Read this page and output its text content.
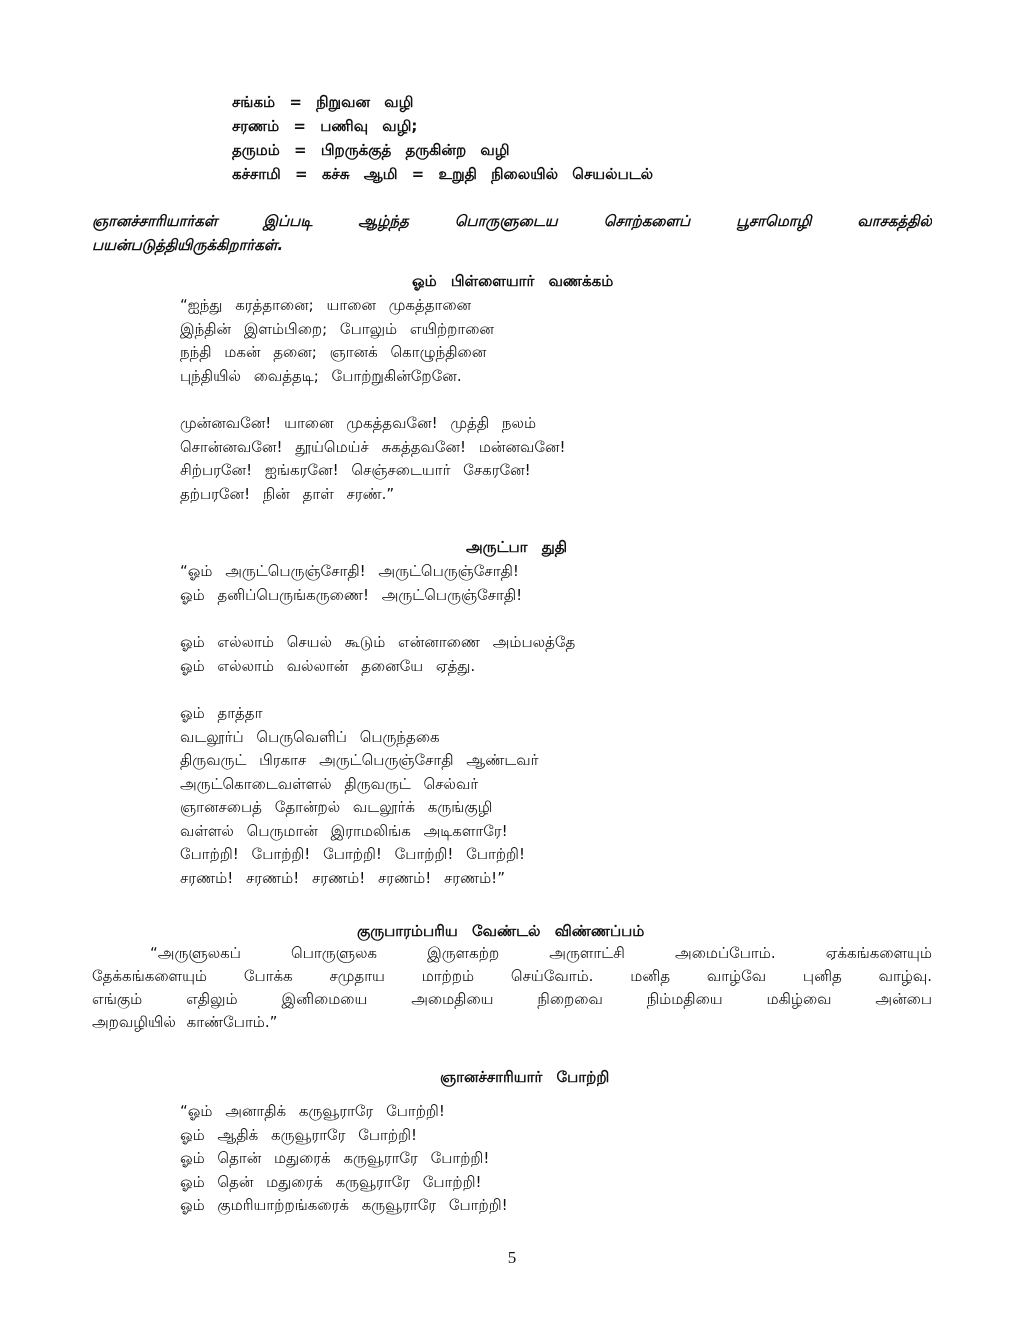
சங்கம் = நிறுவன வழி
சரணம் = பணிவு வழி;
தருமம் = பிறருக்குத் தருகின்ற வழி
கச்சாமி = கச்சு ஆமி = உறுதி நிலையில் செயல்படல்
ஞானச்சாரியார்கள் இப்படி ஆழ்ந்த பொருளுடைய சொற்களைப் பூசாமொழி வாசகத்தில்
பயன்படுத்தியிருக்கிறார்கள்.
ஓம் பிள்ளையார் வணக்கம்
“ஐந்து கரத்தானை; யானை முகத்தானை
இந்தின் இளம்பிறை; போலும் எயிற்றானை
நந்தி மகன் தனை; ஞானக் கொழுந்தினை
புந்தியில் வைத்தடி; போற்றுகின்றேனே.
முன்னவனே! யானை முகத்தவனே! முத்தி நலம்
சொன்னவனே! தூய்மெய்ச் சுகத்தவனே! மன்னவனே!
சிற்பரனே! ஐங்கரனே! செஞ்சடையார் சேகரனே!
தற்பரனே! நின் தாள் சரண்.”
அருட்பா துதி
“ஓம் அருட்பெருஞ்சோதி! அருட்பெருஞ்சோதி!
ஓம் தனிப்பெருங்கருணை! அருட்பெருஞ்சோதி!
ஓம் எல்லாம் செயல் கூடும் என்னாணை அம்பலத்தே
ஓம் எல்லாம் வல்லான் தனையே ஏத்து.
ஓம் தாத்தா
வடலூர்ப் பெருவெளிப் பெருந்தகை
திருவருட் பிரகாச அருட்பெருஞ்சோதி ஆண்டவர்
அருட்கொடைவள்ளல் திருவருட் செல்வர்
ஞானசபைத் தோன்றல் வடலூர்க் கருங்குழி
வள்ளல் பெருமான் இராமலிங்க அடிகளாரே!
போற்றி! போற்றி! போற்றி! போற்றி! போற்றி!
சரணம்! சரணம்! சரணம்! சரணம்! சரணம்!”
குருபாரம்பரிய வேண்டல் விண்ணப்பம்
“அருளுலகப் பொருளுலக இருளகற்ற அருளாட்சி அமைப்போம். ஏக்கங்களையும்
தேக்கங்களையும் போக்க சமுதாய மாற்றம் செய்வோம். மனித வாழ்வே புனித வாழ்வு.
எங்கும் எதிலும் இனிமையை அமைதியை நிறைவை நிம்மதியை மகிழ்வை அன்பை
அறவழியில் காண்போம்.”
ஞானச்சாரியார் போற்றி
“ஓம் அனாதிக் கருவூராரே போற்றி!
ஓம் ஆதிக் கருவூராரே போற்றி!
ஓம் தொன் மதுரைக் கருவூராரே போற்றி!
ஓம் தென் மதுரைக் கருவூராரே போற்றி!
ஓம் குமரியாற்றங்கரைக் கருவூராரே போற்றி!
5
